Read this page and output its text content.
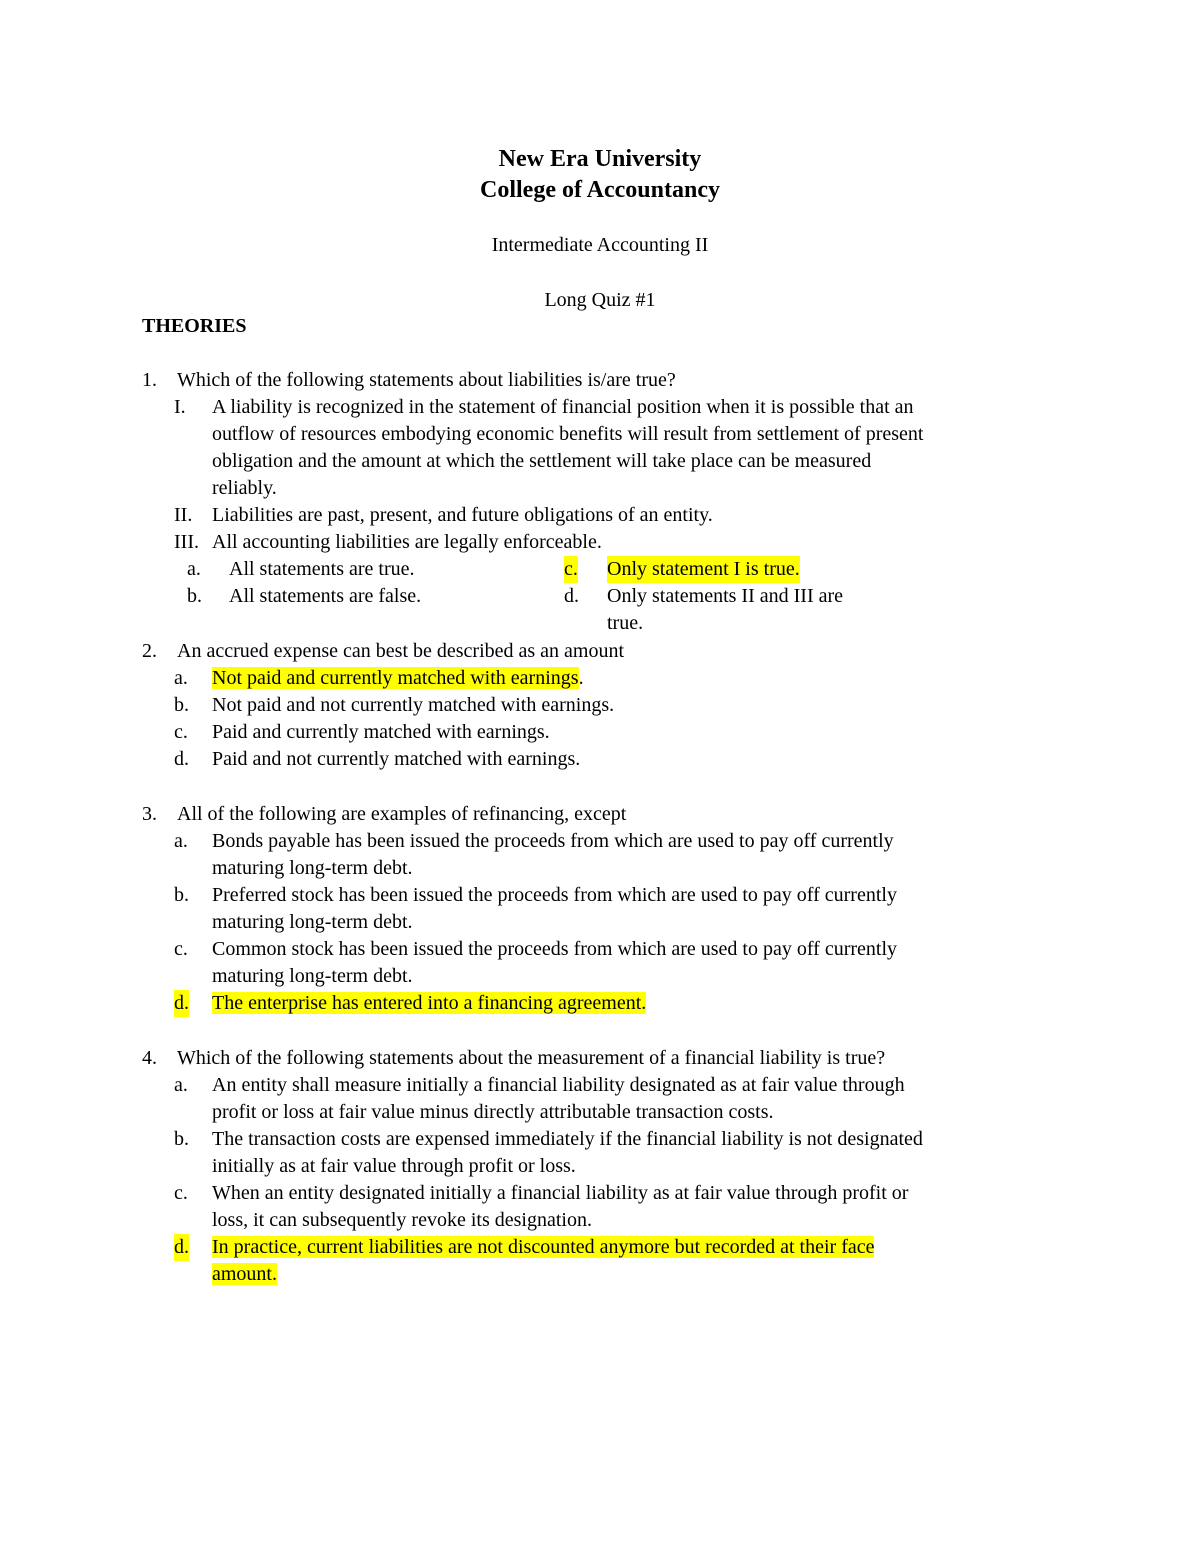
New Era University
College of Accountancy
Intermediate Accounting II
Long Quiz #1
THEORIES
1. Which of the following statements about liabilities is/are true?
I.	A liability is recognized in the statement of financial position when it is possible that an
outflow of resources embodying economic benefits will result from settlement of present
obligation and the amount at which the settlement will take place can be measured
reliably.
II. Liabilities are past, present, and future obligations of an entity.
III. All accounting liabilities are legally enforceable.
a. All statements are true.
b. All statements are false.
c. Only statement I is true.
d. Only statements II and III are
true.
2. An accrued expense can best be described as an amount
a. Not paid and currently matched with earnings.
b. Not paid and not currently matched with earnings.
c. Paid and currently matched with earnings.
d. Paid and not currently matched with earnings.
3. All of the following are examples of refinancing, except
a. Bonds payable has been issued the proceeds from which are used to pay off currently
maturing long-term debt.
b. Preferred stock has been issued the proceeds from which are used to pay off currently
maturing long-term debt.
c. Common stock has been issued the proceeds from which are used to pay off currently
maturing long-term debt.
d. The enterprise has entered into a financing agreement.
4. Which of the following statements about the measurement of a financial liability is true?
a. An entity shall measure initially a financial liability designated as at fair value through
profit or loss at fair value minus directly attributable transaction costs.
b. The transaction costs are expensed immediately if the financial liability is not designated
initially as at fair value through profit or loss.
c. When an entity designated initially a financial liability as at fair value through profit or
loss, it can subsequently revoke its designation.
d. In practice, current liabilities are not discounted anymore but recorded at their face
amount.
